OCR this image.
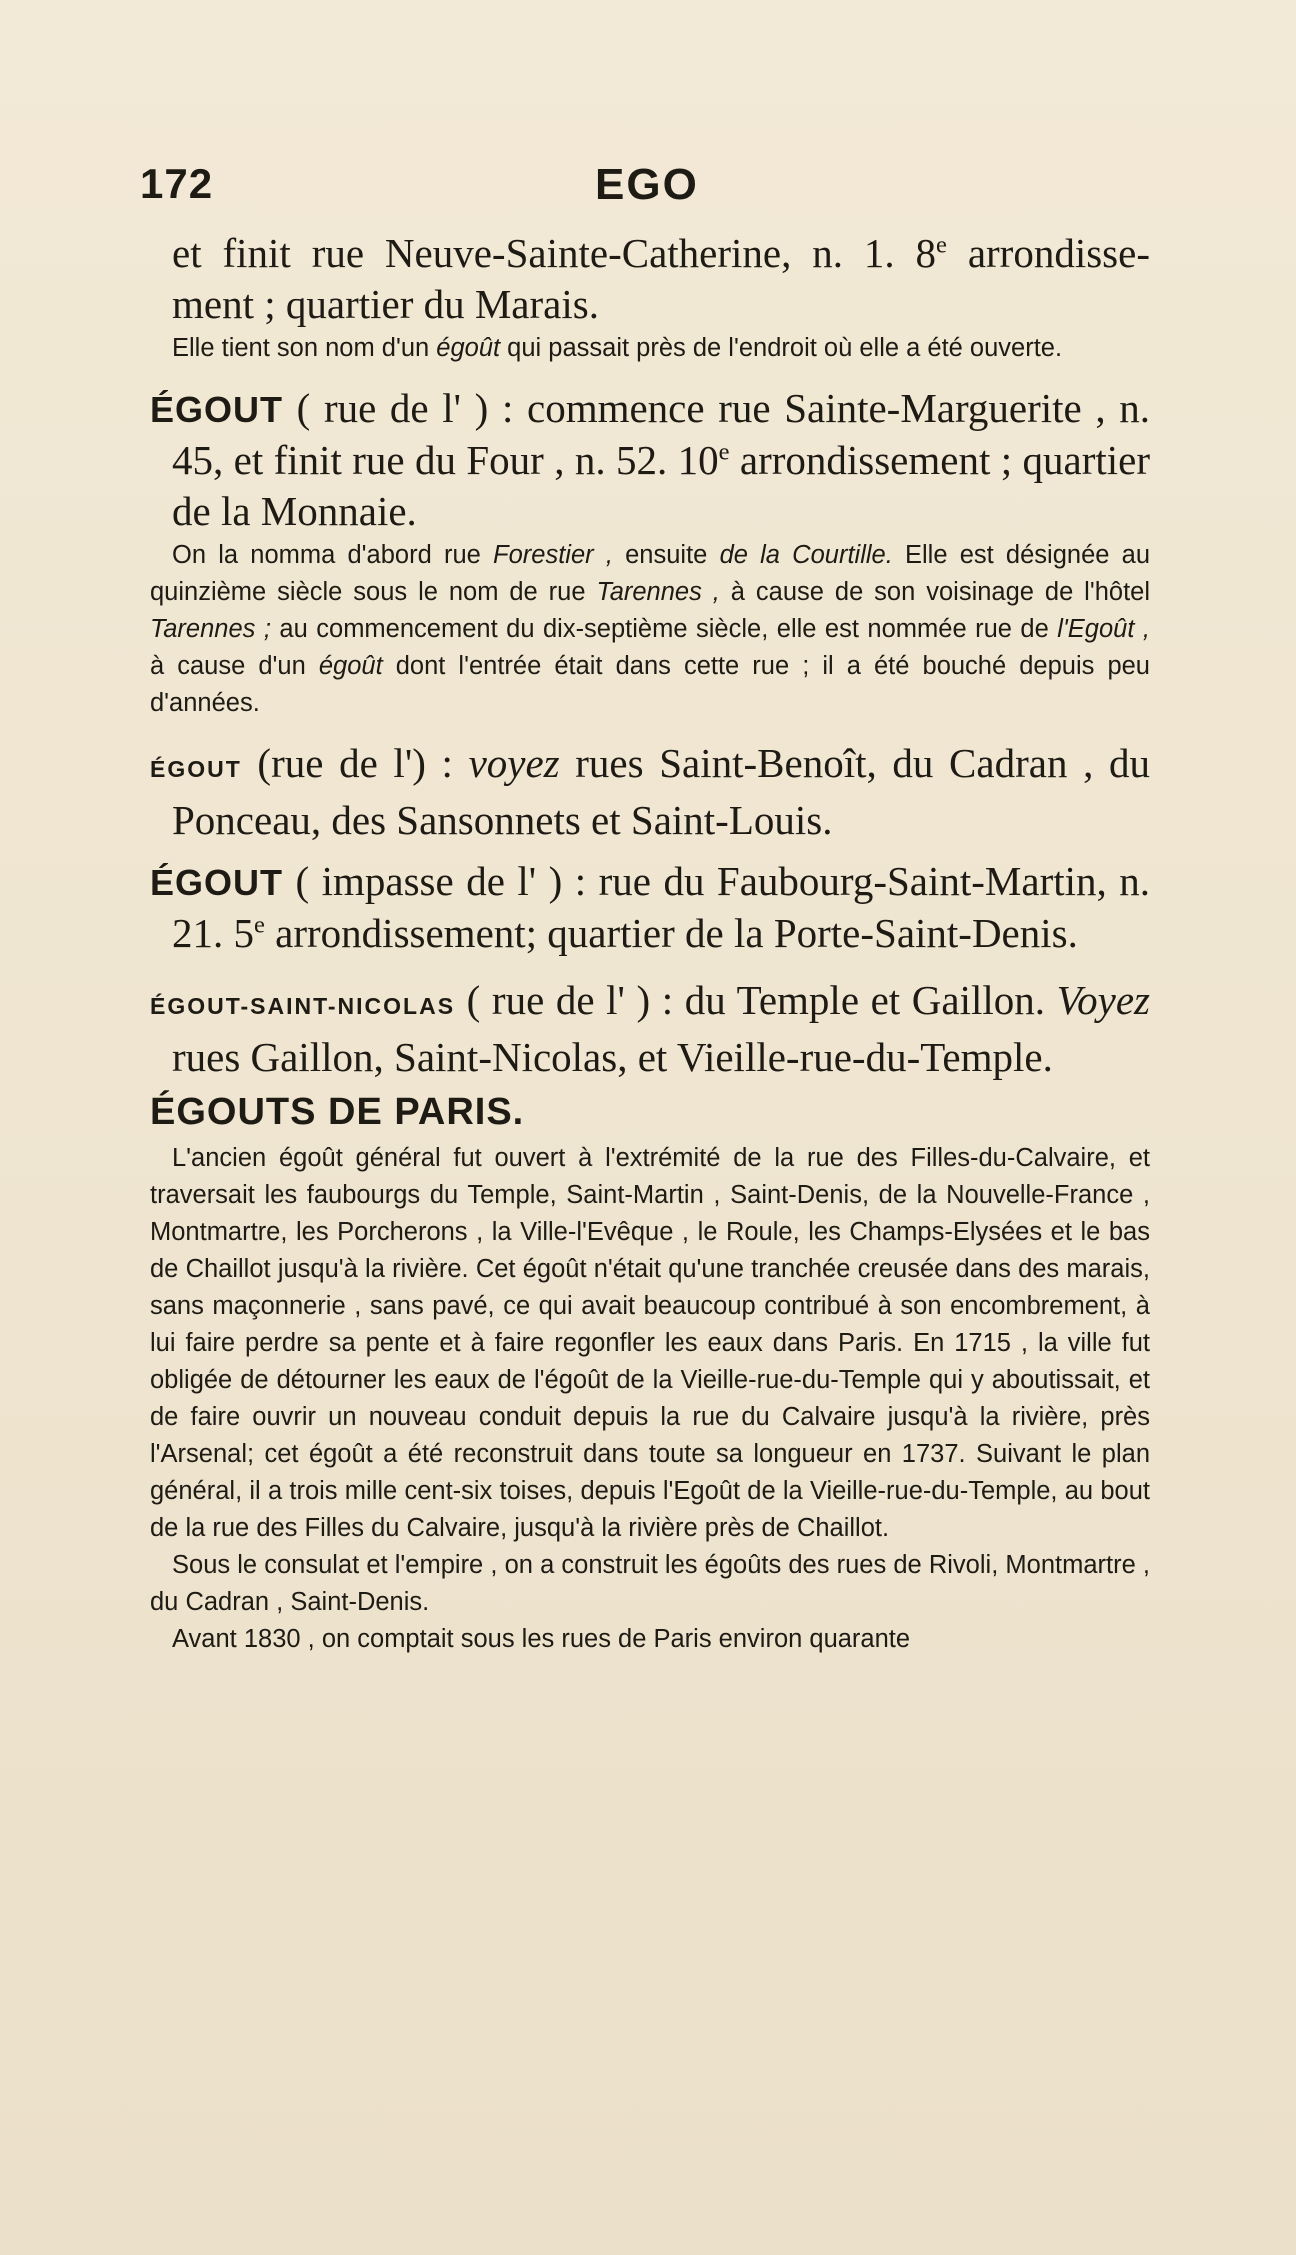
172	EGO

et finit rue Neuve-Sainte-Catherine, n. 1. 8e arrondisse- ment ; quartier du Marais.

Elle tient son nom d'un égoût qui passait près de l'endroit où elle a été ouverte.

ÉGOUT ( rue de l' ) : commence rue Sainte-Marguerite , n. 45, et finit rue du Four , n. 52. 10e arrondissement ; quartier de la Monnaie.

On la nomma d'abord rue Forestier , ensuite de la Courtille. Elle est désignée au quinzième siècle sous le nom de rue Tarennes , à cause de son voisinage de l'hôtel Tarennes ; au commencement du dix-septième siècle, elle est nommée rue de l'Egoût , à cause d'un égoût dont l'entrée était dans cette rue ; il a été bouché depuis peu d'années.

ÉGOUT (rue de l') : voyez rues Saint-Benoît, du Cadran , du Ponceau, des Sansonnets et Saint-Louis.

ÉGOUT ( impasse de l' ) : rue du Faubourg-Saint-Martin, n. 21. 5e arrondissement; quartier de la Porte-Saint-Denis.

ÉGOUT-SAINT-NICOLAS ( rue de l' ) : du Temple et Gaillon. Voyez rues Gaillon, Saint-Nicolas, et Vieille-rue-du-Temple.

ÉGOUTS DE PARIS.

L'ancien égoût général fut ouvert à l'extrémité de la rue des Filles-du-Calvaire, et traversait les faubourgs du Temple, Saint-Martin , Saint-Denis, de la Nouvelle-France , Montmartre, les Porcherons , la Ville-l'Evêque , le Roule, les Champs-Elysées et le bas de Chaillot jusqu'à la rivière. Cet égoût n'était qu'une tranchée creusée dans des marais, sans maçonnerie , sans pavé, ce qui avait beaucoup contribué à son encombrement, à lui faire perdre sa pente et à faire regonfler les eaux dans Paris. En 1715 , la ville fut obligée de détourner les eaux de l'égoût de la Vieille-rue-du-Temple qui y aboutissait, et de faire ouvrir un nouveau conduit depuis la rue du Calvaire jusqu'à la rivière, près l'Arsenal; cet égoût a été reconstruit dans toute sa longueur en 1737. Suivant le plan général, il a trois mille cent-six toises, depuis l'Egoût de la Vieille-rue-du-Temple, au bout de la rue des Filles du Calvaire, jusqu'à la rivière près de Chaillot.

Sous le consulat et l'empire , on a construit les égoûts des rues de Rivoli, Montmartre , du Cadran , Saint-Denis.

Avant 1830 , on comptait sous les rues de Paris environ quarante
